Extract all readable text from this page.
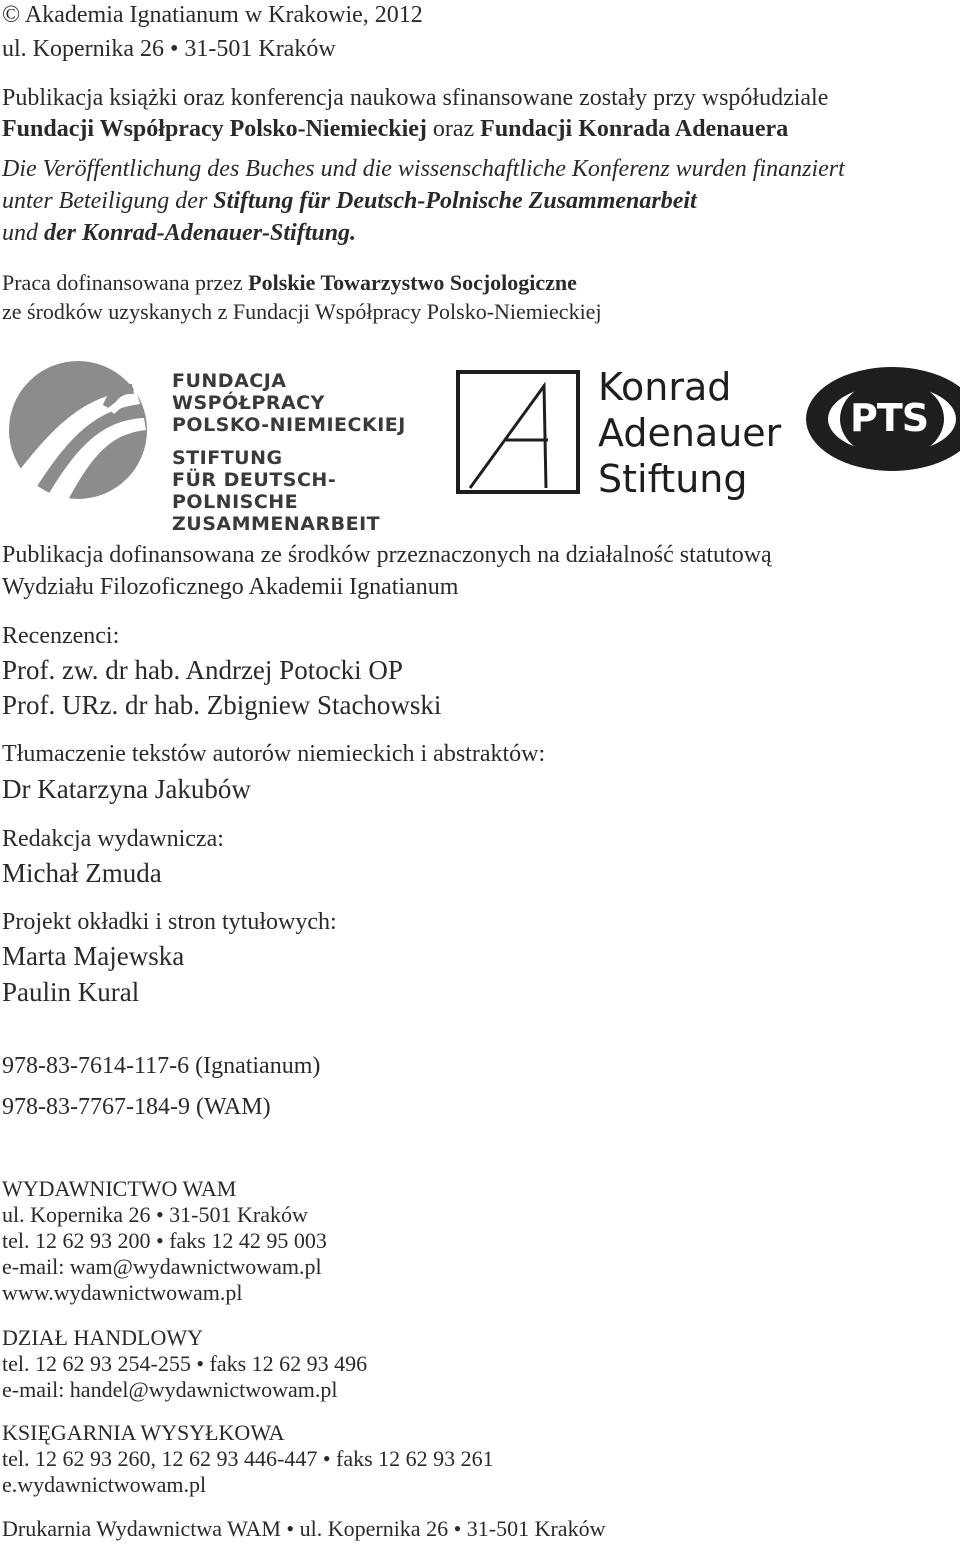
© Akademia Ignatianum w Krakowie, 2012
ul. Kopernika 26 • 31-501 Kraków
Publikacja książki oraz konferencja naukowa sfinansowane zostały przy współudziale
Fundacji Współpracy Polsko-Niemieckiej oraz Fundacji Konrada Adenauera
Die Veröffentlichung des Buches und die wissenschaftliche Konferenz wurden finanziert
unter Beteiligung der Stiftung für Deutsch-Polnische Zusammenarbeit
und der Konrad-Adenauer-Stiftung.
Praca dofinansowana przez Polskie Towarzystwo Socjologiczne
ze środków uzyskanych z Fundacji Współpracy Polsko-Niemieckiej
FUNDACJA WSPÓŁPRACY
POLSKO-NIEMIECKIEJ
STIFTUNG
FÜR DEUTSCH-POLNISCHE
ZUSAMMENARBEIT
Konrad
Adenauer
Stiftung
PTS
Publikacja dofinansowana ze środków przeznaczonych na działalność statutową
Wydziału Filozoficznego Akademii Ignatianum
Recenzenci:
Prof. zw. dr hab. Andrzej Potocki OP
Prof. URz. dr hab. Zbigniew Stachowski
Tłumaczenie tekstów autorów niemieckich i abstraktów:
Dr Katarzyna Jakubów
Redakcja wydawnicza:
Michał Zmuda
Projekt okładki i stron tytułowych:
Marta Majewska
Paulin Kural
978-83-7614-117-6 (Ignatianum)
978-83-7767-184-9 (WAM)
WYDAWNICTWO WAM
ul. Kopernika 26 • 31-501 Kraków
tel. 12 62 93 200 • faks 12 42 95 003
e-mail: wam@wydawnictwowam.pl
www.wydawnictwowam.pl
DZIAŁ HANDLOWY
tel. 12 62 93 254-255 • faks 12 62 93 496
e-mail: handel@wydawnictwowam.pl
KSIĘGARNIA WYSYŁKOWA
tel. 12 62 93 260, 12 62 93 446-447 • faks 12 62 93 261
e.wydawnictwowam.pl
Drukarnia Wydawnictwa WAM • ul. Kopernika 26 • 31-501 Kraków
